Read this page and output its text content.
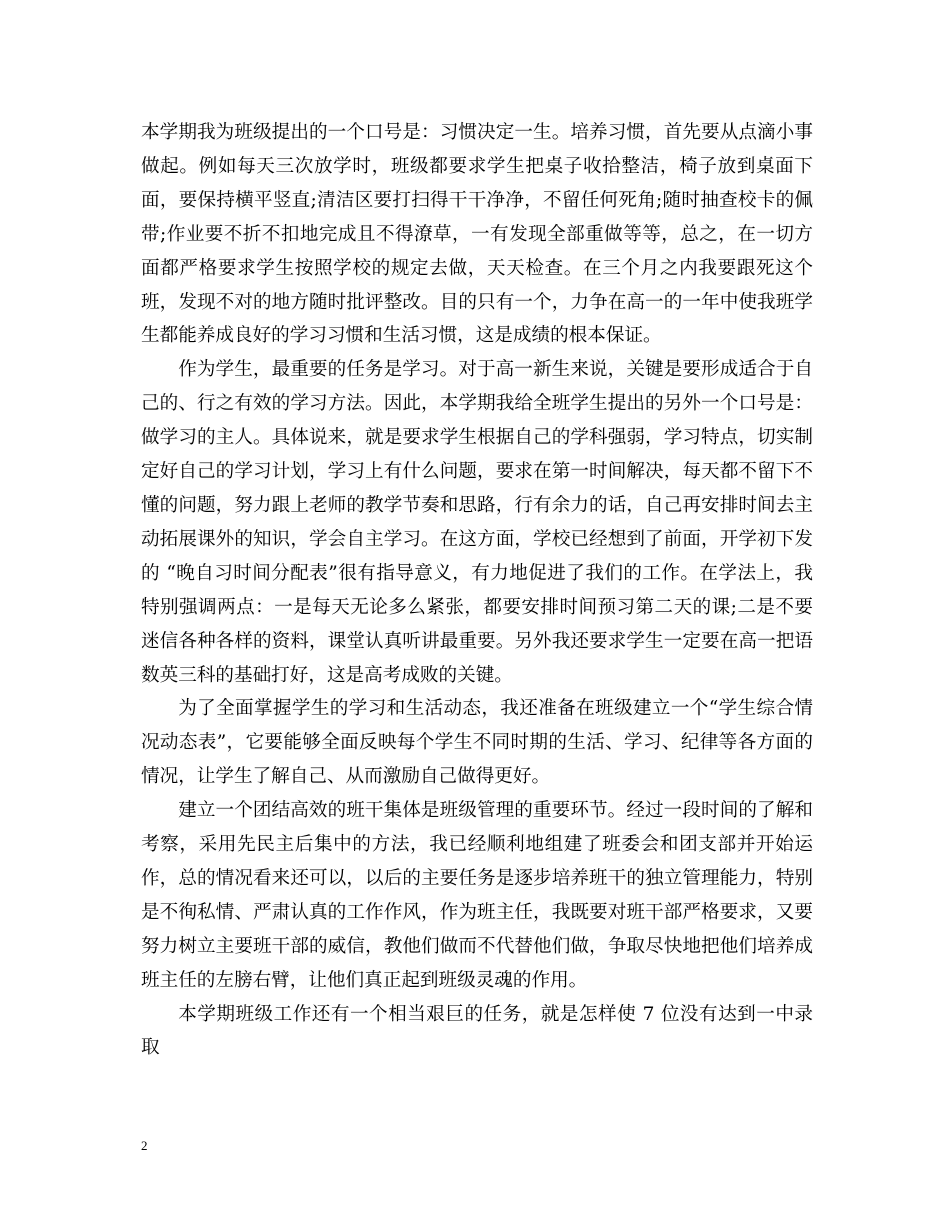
本学期我为班级提出的一个口号是：习惯决定一生。培养习惯，首先要从点滴小事做起。例如每天三次放学时，班级都要求学生把桌子收拾整洁，椅子放到桌面下面，要保持横平竖直;清洁区要打扫得干干净净，不留任何死角;随时抽查校卡的佩带;作业要不折不扣地完成且不得潦草，一有发现全部重做等等，总之，在一切方面都严格要求学生按照学校的规定去做，天天检查。在三个月之内我要跟死这个班，发现不对的地方随时批评整改。目的只有一个，力争在高一的一年中使我班学生都能养成良好的学习习惯和生活习惯，这是成绩的根本保证。

作为学生，最重要的任务是学习。对于高一新生来说，关键是要形成适合于自己的、行之有效的学习方法。因此，本学期我给全班学生提出的另外一个口号是：做学习的主人。具体说来，就是要求学生根据自己的学科强弱，学习特点，切实制定好自己的学习计划，学习上有什么问题，要求在第一时间解决，每天都不留下不懂的问题，努力跟上老师的教学节奏和思路，行有余力的话，自己再安排时间去主动拓展课外的知识，学会自主学习。在这方面，学校已经想到了前面，开学初下发的 “晚自习时间分配表”很有指导意义，有力地促进了我们的工作。在学法上，我特别强调两点：一是每天无论多么紧张，都要安排时间预习第二天的课;二是不要迷信各种各样的资料，课堂认真听讲最重要。另外我还要求学生一定要在高一把语数英三科的基础打好，这是高考成败的关键。

为了全面掌握学生的学习和生活动态，我还准备在班级建立一个“学生综合情况动态表”，它要能够全面反映每个学生不同时期的生活、学习、纪律等各方面的情况，让学生了解自己、从而激励自己做得更好。

建立一个团结高效的班干集体是班级管理的重要环节。经过一段时间的了解和考察，采用先民主后集中的方法，我已经顺利地组建了班委会和团支部并开始运作，总的情况看来还可以，以后的主要任务是逐步培养班干的独立管理能力，特别是不徇私情、严肃认真的工作作风，作为班主任，我既要对班干部严格要求，又要努力树立主要班干部的威信，教他们做而不代替他们做，争取尽快地把他们培养成班主任的左膀右臂，让他们真正起到班级灵魂的作用。

本学期班级工作还有一个相当艰巨的任务，就是怎样使 7 位没有达到一中录取

2
